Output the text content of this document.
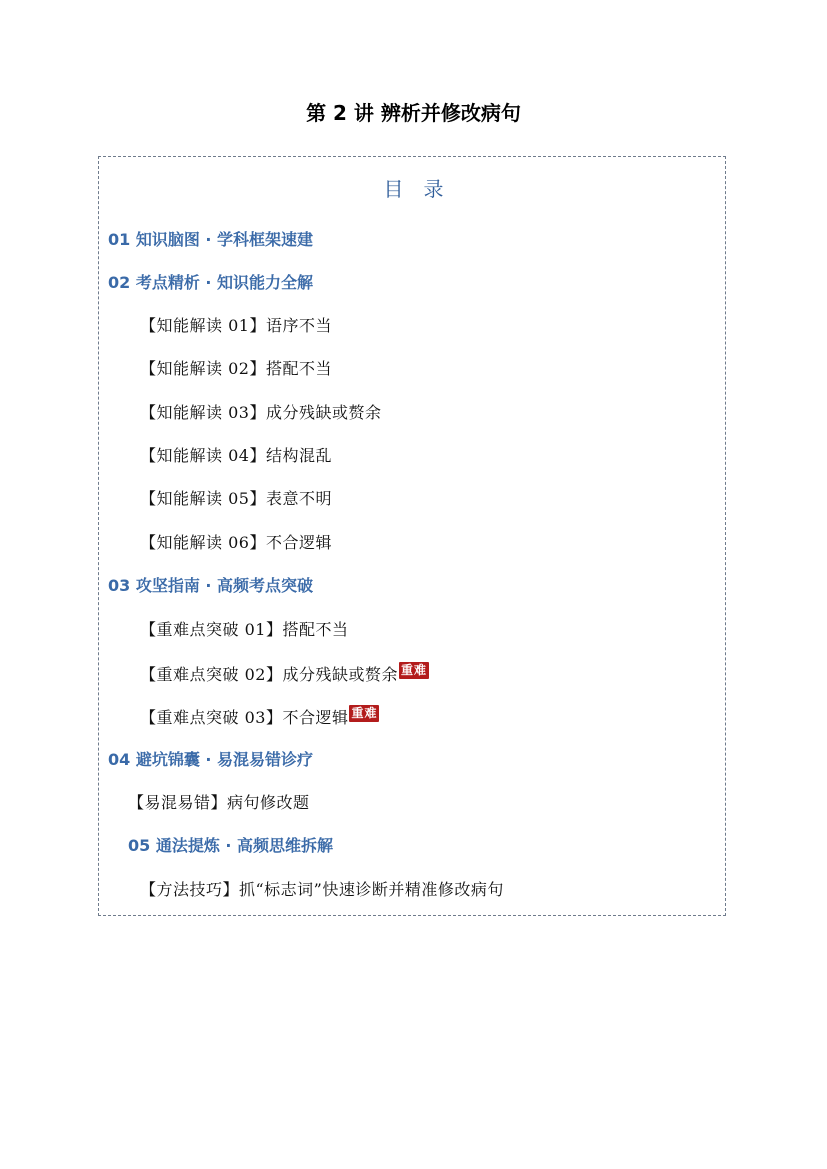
第 2 讲 辨析并修改病句
目 录
01 知识脑图 · 学科框架速建
02 考点精析 · 知识能力全解
【知能解读 01】语序不当
【知能解读 02】搭配不当
【知能解读 03】成分残缺或赘余
【知能解读 04】结构混乱
【知能解读 05】表意不明
【知能解读 06】不合逻辑
03 攻坚指南 · 高频考点突破
【重难点突破 01】搭配不当
【重难点突破 02】成分残缺或赘余 重难
【重难点突破 03】不合逻辑 重难
04 避坑锦囊 · 易混易错诊疗
【易混易错】病句修改题
05 通法提炼 · 高频思维拆解
【方法技巧】抓“标志词”快速诊断并精准修改病句
